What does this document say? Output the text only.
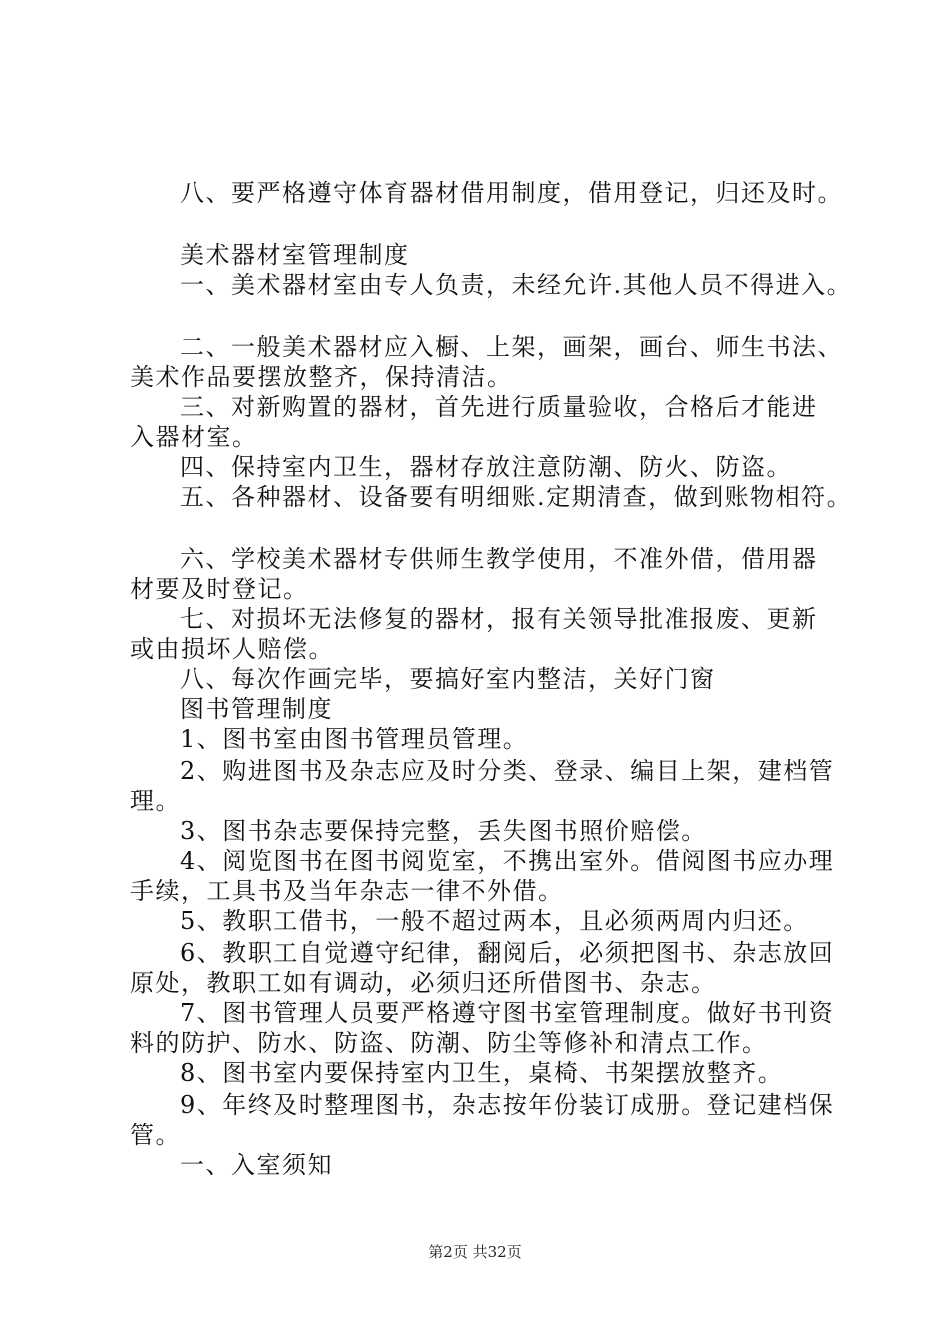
八、要严格遵守体育器材借用制度，借用登记，归还及时。
美术器材室管理制度
一、美术器材室由专人负责，未经允许.其他人员不得进入。
二、一般美术器材应入橱、上架，画架，画台、师生书法、
美术作品要摆放整齐，保持清洁。
三、对新购置的器材，首先进行质量验收，合格后才能进
入器材室。
四、保持室内卫生，器材存放注意防潮、防火、防盗。
五、各种器材、设备要有明细账.定期清查，做到账物相符。
六、学校美术器材专供师生教学使用，不准外借，借用器
材要及时登记。
七、对损坏无法修复的器材，报有关领导批准报废、更新
或由损坏人赔偿。
八、每次作画完毕，要搞好室内整洁，关好门窗
图书管理制度
1、图书室由图书管理员管理。
2、购进图书及杂志应及时分类、登录、编目上架，建档管
理。
3、图书杂志要保持完整，丢失图书照价赔偿。
4、阅览图书在图书阅览室，不携出室外。借阅图书应办理
手续，工具书及当年杂志一律不外借。
5、教职工借书，一般不超过两本，且必须两周内归还。
6、教职工自觉遵守纪律，翻阅后，必须把图书、杂志放回
原处，教职工如有调动，必须归还所借图书、杂志。
7、图书管理人员要严格遵守图书室管理制度。做好书刊资
料的防护、防水、防盗、防潮、防尘等修补和清点工作。
8、图书室内要保持室内卫生，桌椅、书架摆放整齐。
9、年终及时整理图书，杂志按年份装订成册。登记建档保
管。
一、入室须知
第2页 共32页
